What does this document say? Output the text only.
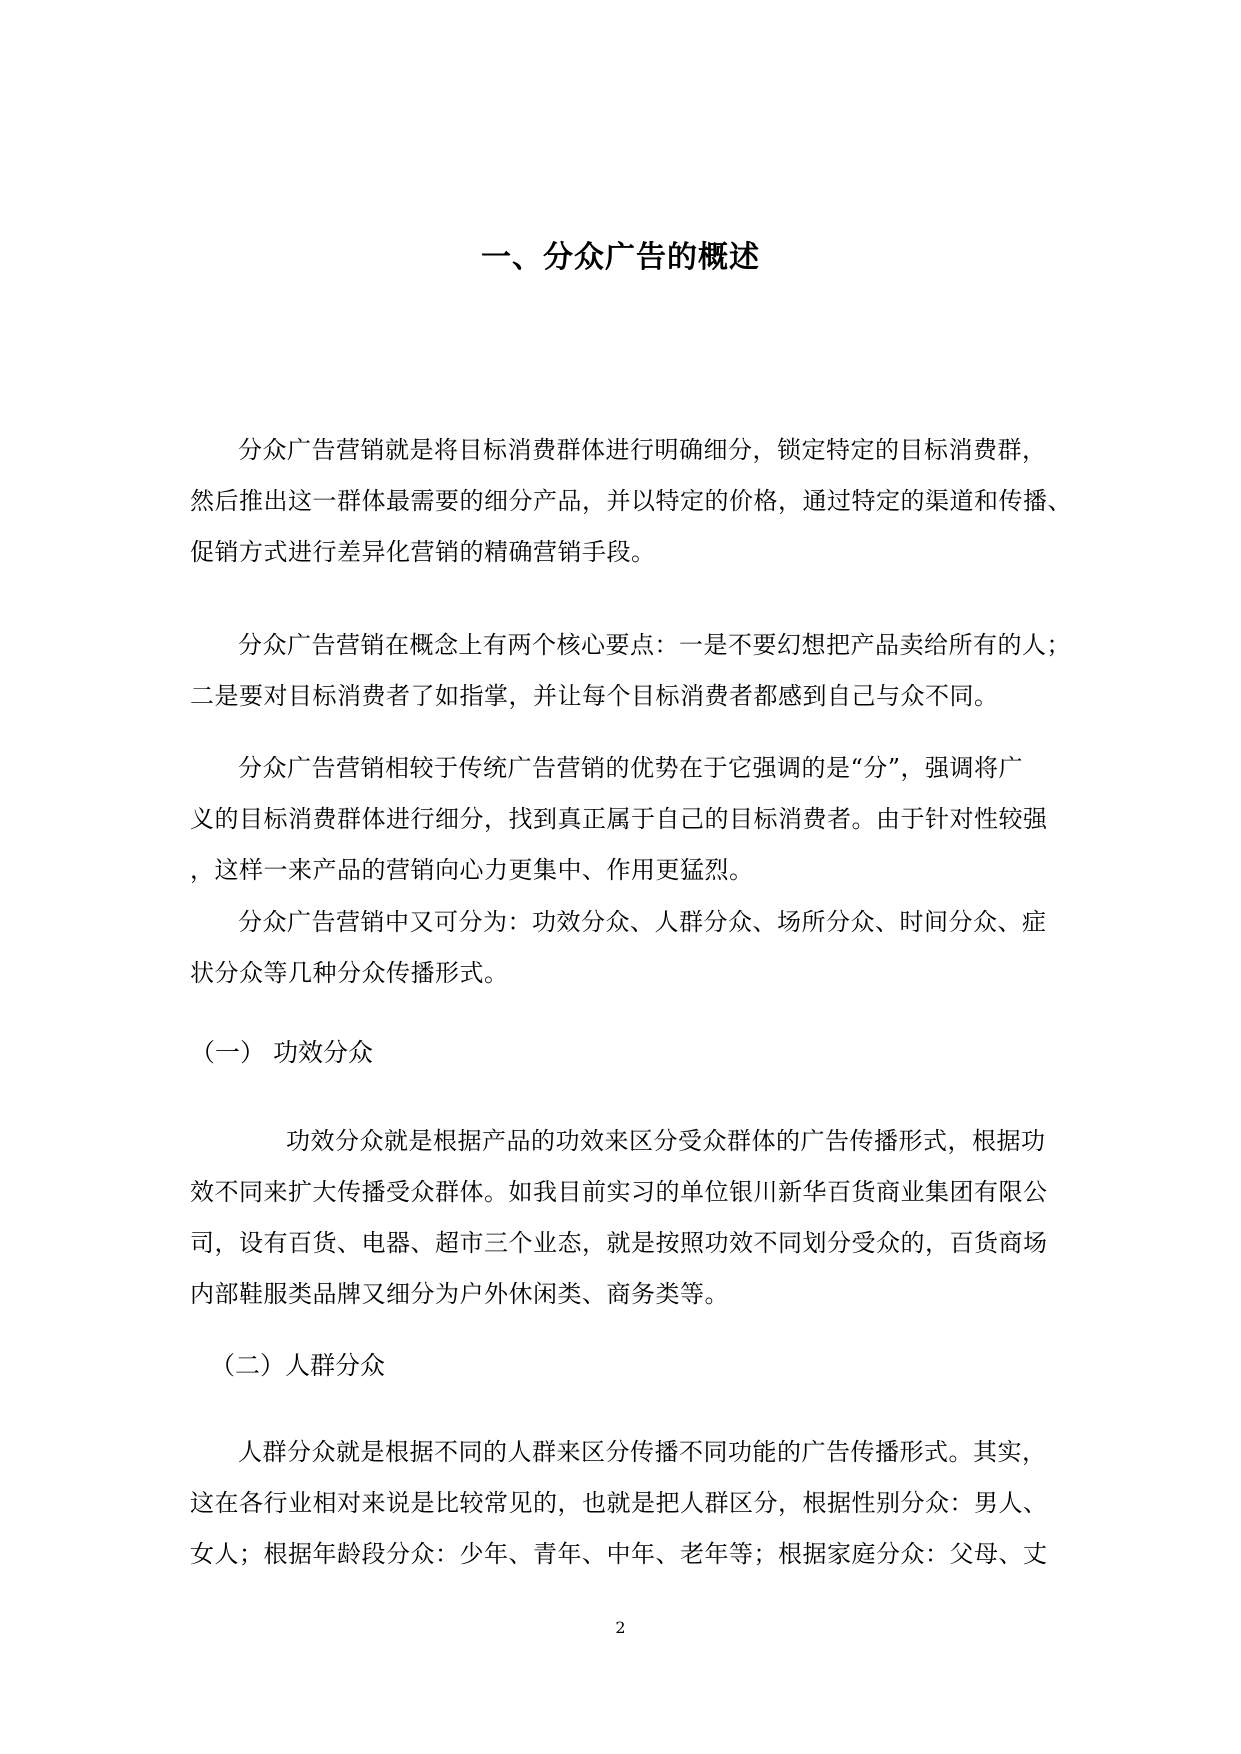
一、分众广告的概述
分众广告营销就是将目标消费群体进行明确细分，锁定特定的目标消费群，
然后推出这一群体最需要的细分产品，并以特定的价格，通过特定的渠道和传播、
促销方式进行差异化营销的精确营销手段。
分众广告营销在概念上有两个核心要点：一是不要幻想把产品卖给所有的人；
二是要对目标消费者了如指掌，并让每个目标消费者都感到自己与众不同。
分众广告营销相较于传统广告营销的优势在于它强调的是“分”，强调将广
义的目标消费群体进行细分，找到真正属于自己的目标消费者。由于针对性较强
，这样一来产品的营销向心力更集中、作用更猛烈。
分众广告营销中又可分为：功效分众、人群分众、场所分众、时间分众、症
状分众等几种分众传播形式。
（一） 功效分众
功效分众就是根据产品的功效来区分受众群体的广告传播形式，根据功
效不同来扩大传播受众群体。如我目前实习的单位银川新华百货商业集团有限公
司，设有百货、电器、超市三个业态，就是按照功效不同划分受众的，百货商场
内部鞋服类品牌又细分为户外休闲类、商务类等。
（二）人群分众
人群分众就是根据不同的人群来区分传播不同功能的广告传播形式。其实，
这在各行业相对来说是比较常见的，也就是把人群区分，根据性别分众：男人、
女人；根据年龄段分众：少年、青年、中年、老年等；根据家庭分众：父母、丈
2
